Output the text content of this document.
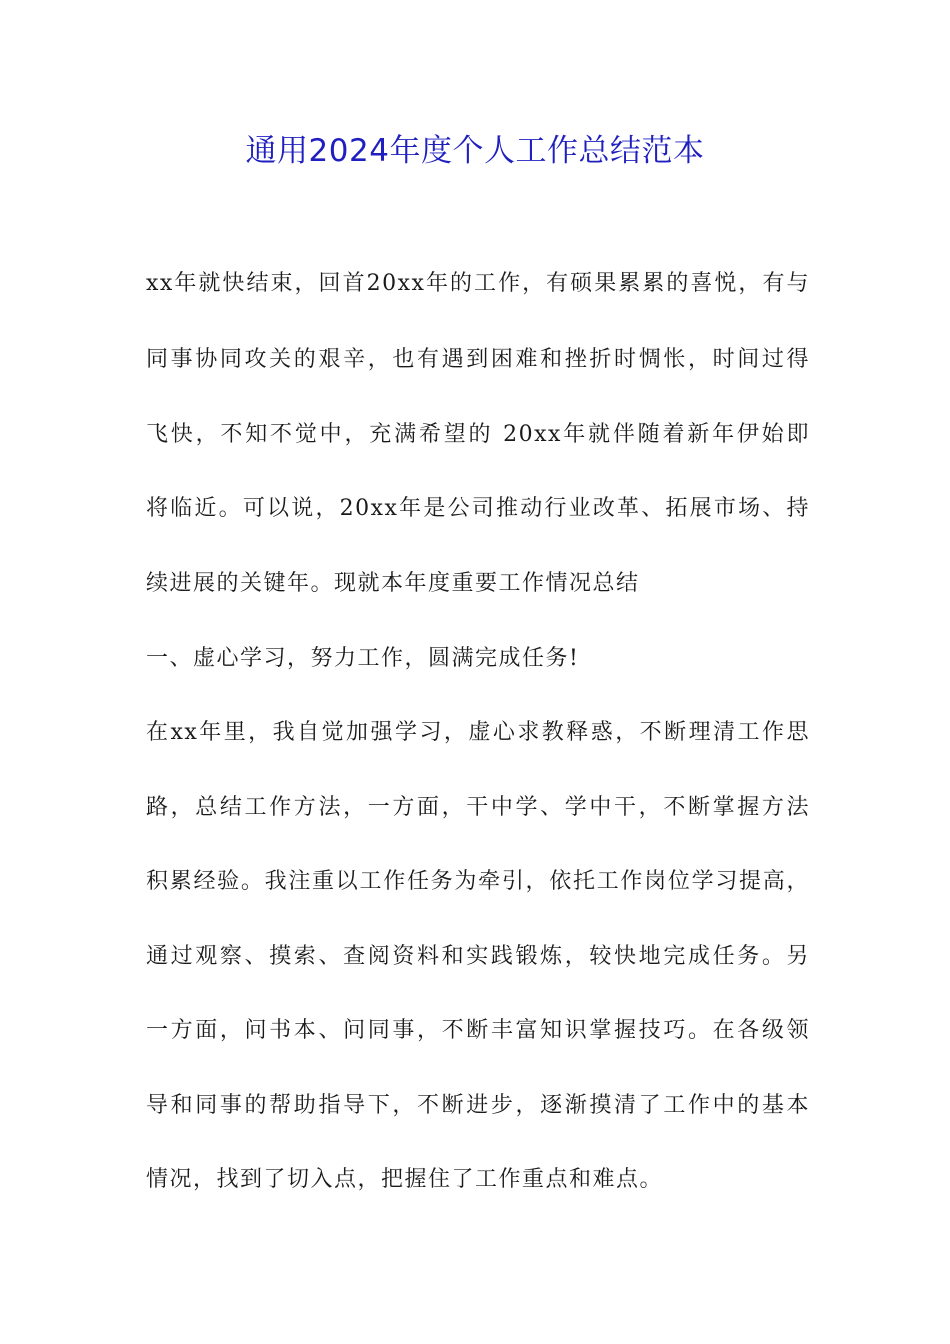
通用2024年度个人工作总结范本

xx年就快结束，回首20xx年的工作，有硕果累累的喜悦，有与

同事协同攻关的艰辛，也有遇到困难和挫折时惆怅，时间过得

飞快，不知不觉中，充满希望的 20xx年就伴随着新年伊始即

将临近。可以说，20xx年是公司推动行业改革、拓展市场、持

续进展的关键年。现就本年度重要工作情况总结

一、虚心学习，努力工作，圆满完成任务!

在xx年里，我自觉加强学习，虚心求教释惑，不断理清工作思

路，总结工作方法，一方面，干中学、学中干，不断掌握方法

积累经验。我注重以工作任务为牵引，依托工作岗位学习提高，

通过观察、摸索、查阅资料和实践锻炼，较快地完成任务。另

一方面，问书本、问同事，不断丰富知识掌握技巧。在各级领

导和同事的帮助指导下，不断进步，逐渐摸清了工作中的基本

情况，找到了切入点，把握住了工作重点和难点。
